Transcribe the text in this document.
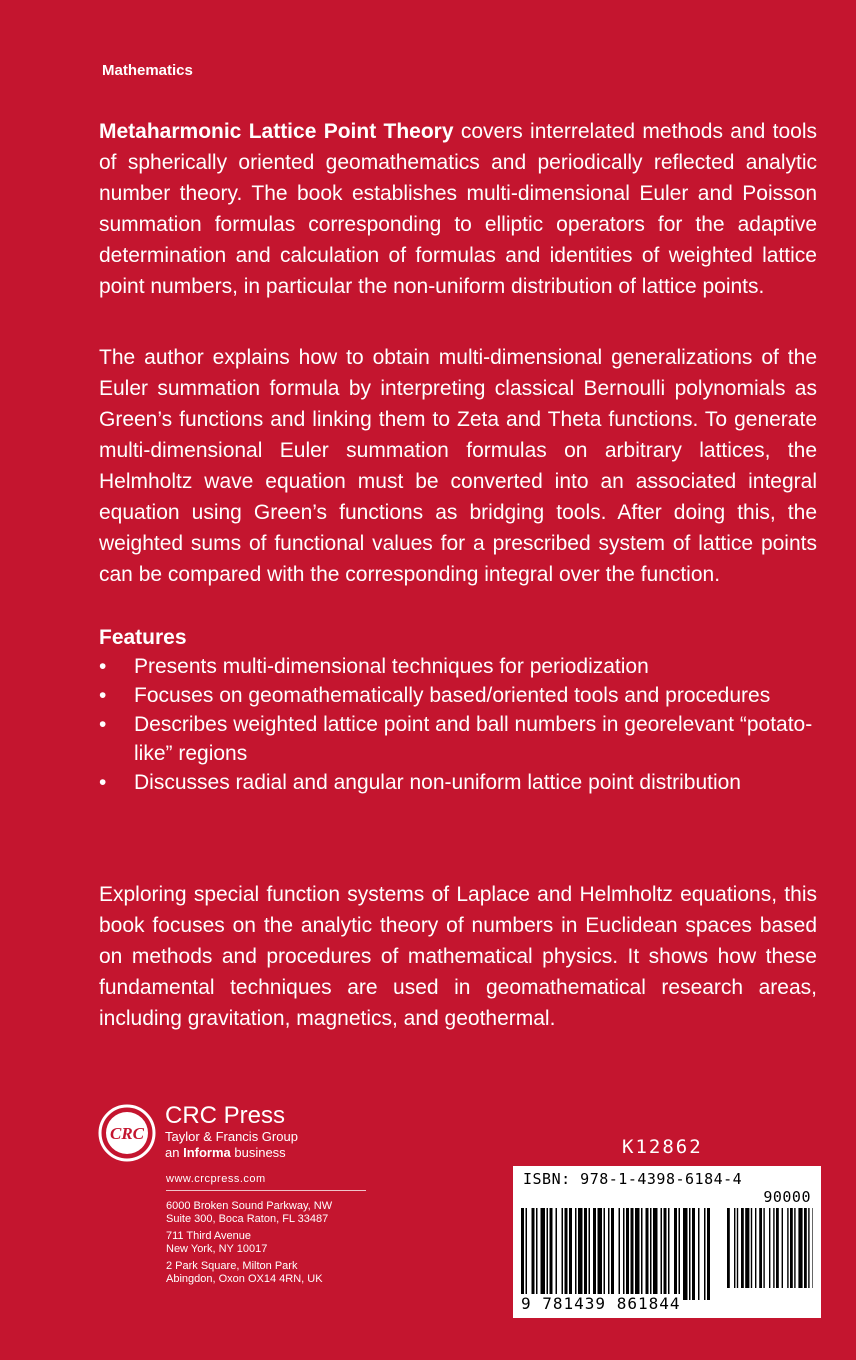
Mathematics

Metaharmonic Lattice Point Theory covers interrelated methods and tools of spherically oriented geomathematics and periodically reflected analytic number theory. The book establishes multi-dimensional Euler and Poisson summation formulas corresponding to elliptic operators for the adaptive determination and calculation of formulas and identities of weighted lattice point numbers, in particular the non-uniform distribution of lattice points.

The author explains how to obtain multi-dimensional generalizations of the Euler summation formula by interpreting classical Bernoulli polynomials as Green’s functions and linking them to Zeta and Theta functions. To generate multi-dimensional Euler summation formulas on arbitrary lattices, the Helmholtz wave equation must be converted into an associated integral equation using Green’s functions as bridging tools. After doing this, the weighted sums of functional values for a prescribed system of lattice points can be compared with the corresponding integral over the function.

Features
• Presents multi-dimensional techniques for periodization
• Focuses on geomathematically based/oriented tools and procedures
• Describes weighted lattice point and ball numbers in georelevant “potato-like” regions
• Discusses radial and angular non-uniform lattice point distribution

Exploring special function systems of Laplace and Helmholtz equations, this book focuses on the analytic theory of numbers in Euclidean spaces based on methods and procedures of mathematical physics. It shows how these fundamental techniques are used in geomathematical research areas, including gravitation, magnetics, and geothermal.

CRC
CRC Press
Taylor & Francis Group
an Informa business
www.crcpress.com
6000 Broken Sound Parkway, NW
Suite 300, Boca Raton, FL 33487
711 Third Avenue
New York, NY 10017
2 Park Square, Milton Park
Abingdon, Oxon OX14 4RN, UK
K12862
ISBN: 978-1-4398-6184-4
90000
9 781439 861844
